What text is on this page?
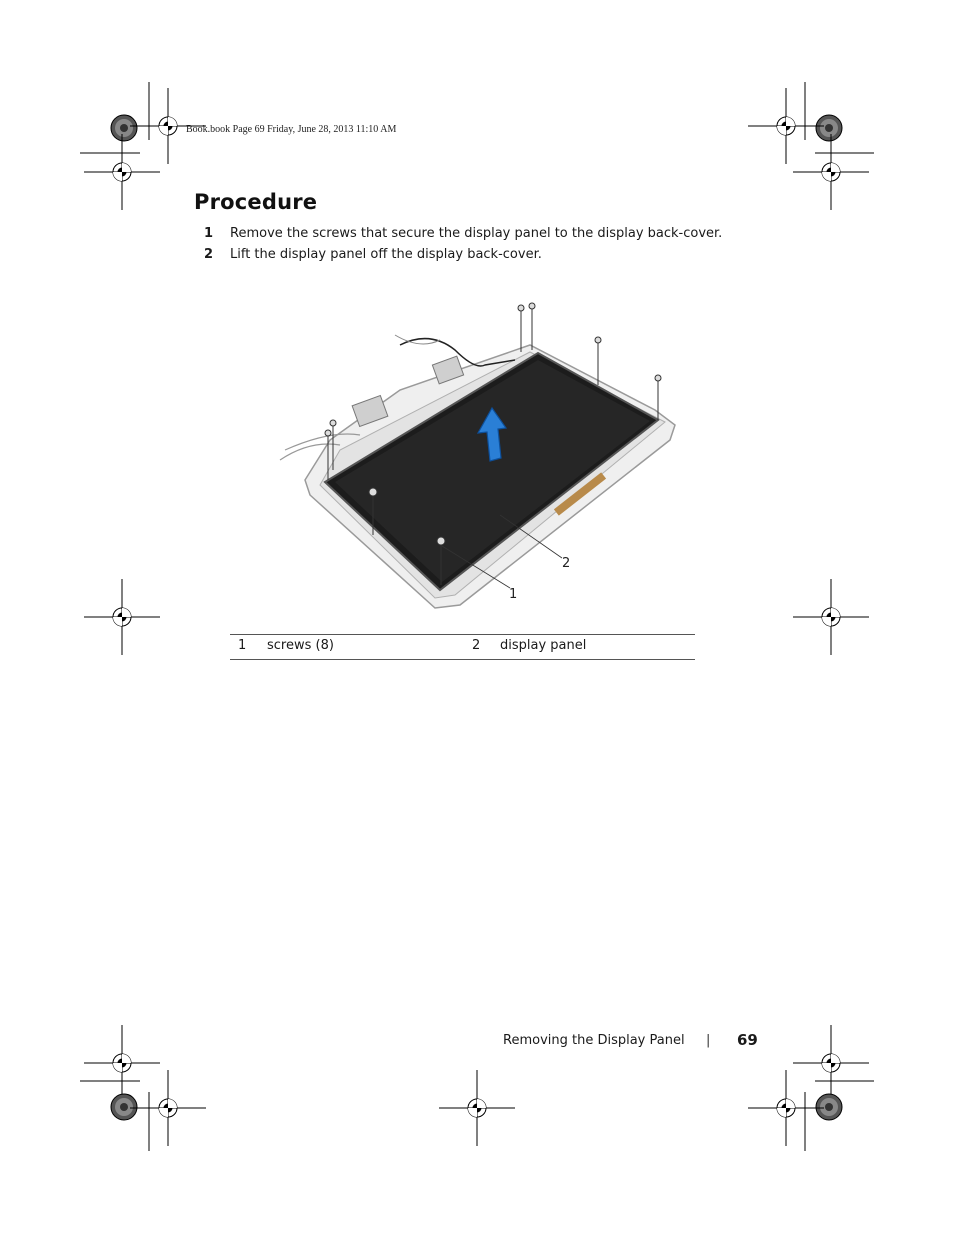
Book.book Page 69 Friday, June 28, 2013 11:10 AM
Procedure
1 Remove the screws that secure the display panel to the display back-cover.
2 Lift the display panel off the display back-cover.
1
2
1 screws (8)	2 display panel
Removing the Display Panel | 69
